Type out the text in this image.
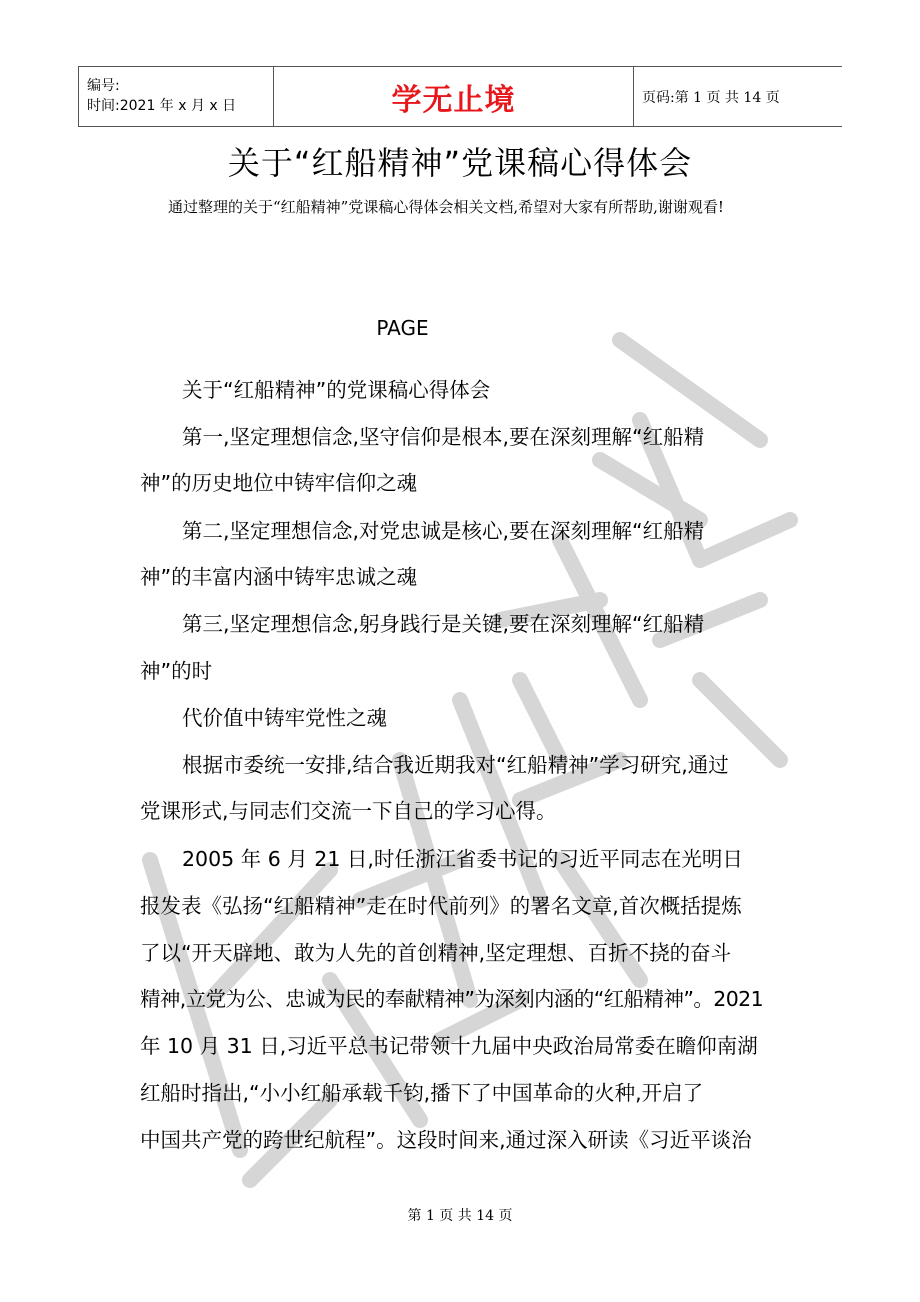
编号:
时间:2021 年 x 月 x 日	学无止境	页码:第 1 页 共 14 页
关于“红船精神”党课稿心得体会
通过整理的关于“红船精神”党课稿心得体会相关文档,希望对大家有所帮助,谢谢观看!
PAGE
关于“红船精神”的党课稿心得体会
第一,坚定理想信念,坚守信仰是根本,要在深刻理解“红船精
神”的历史地位中铸牢信仰之魂
第二,坚定理想信念,对党忠诚是核心,要在深刻理解“红船精
神”的丰富内涵中铸牢忠诚之魂
第三,坚定理想信念,躬身践行是关键,要在深刻理解“红船精
神”的时
代价值中铸牢党性之魂
根据市委统一安排,结合我近期我对“红船精神”学习研究,通过
党课形式,与同志们交流一下自己的学习心得。
2005 年 6 月 21 日,时任浙江省委书记的习近平同志在光明日
报发表《弘扬“红船精神”走在时代前列》的署名文章,首次概括提炼
了以“开天辟地、敢为人先的首创精神,坚定理想、百折不挠的奋斗
精神,立党为公、忠诚为民的奉献精神”为深刻内涵的“红船精神”。2021
年 10 月 31 日,习近平总书记带领十九届中央政治局常委在瞻仰南湖
红船时指出,“小小红船承载千钧,播下了中国革命的火种,开启了
中国共产党的跨世纪航程”。这段时间来,通过深入研读《习近平谈治
第 1 页 共 14 页
